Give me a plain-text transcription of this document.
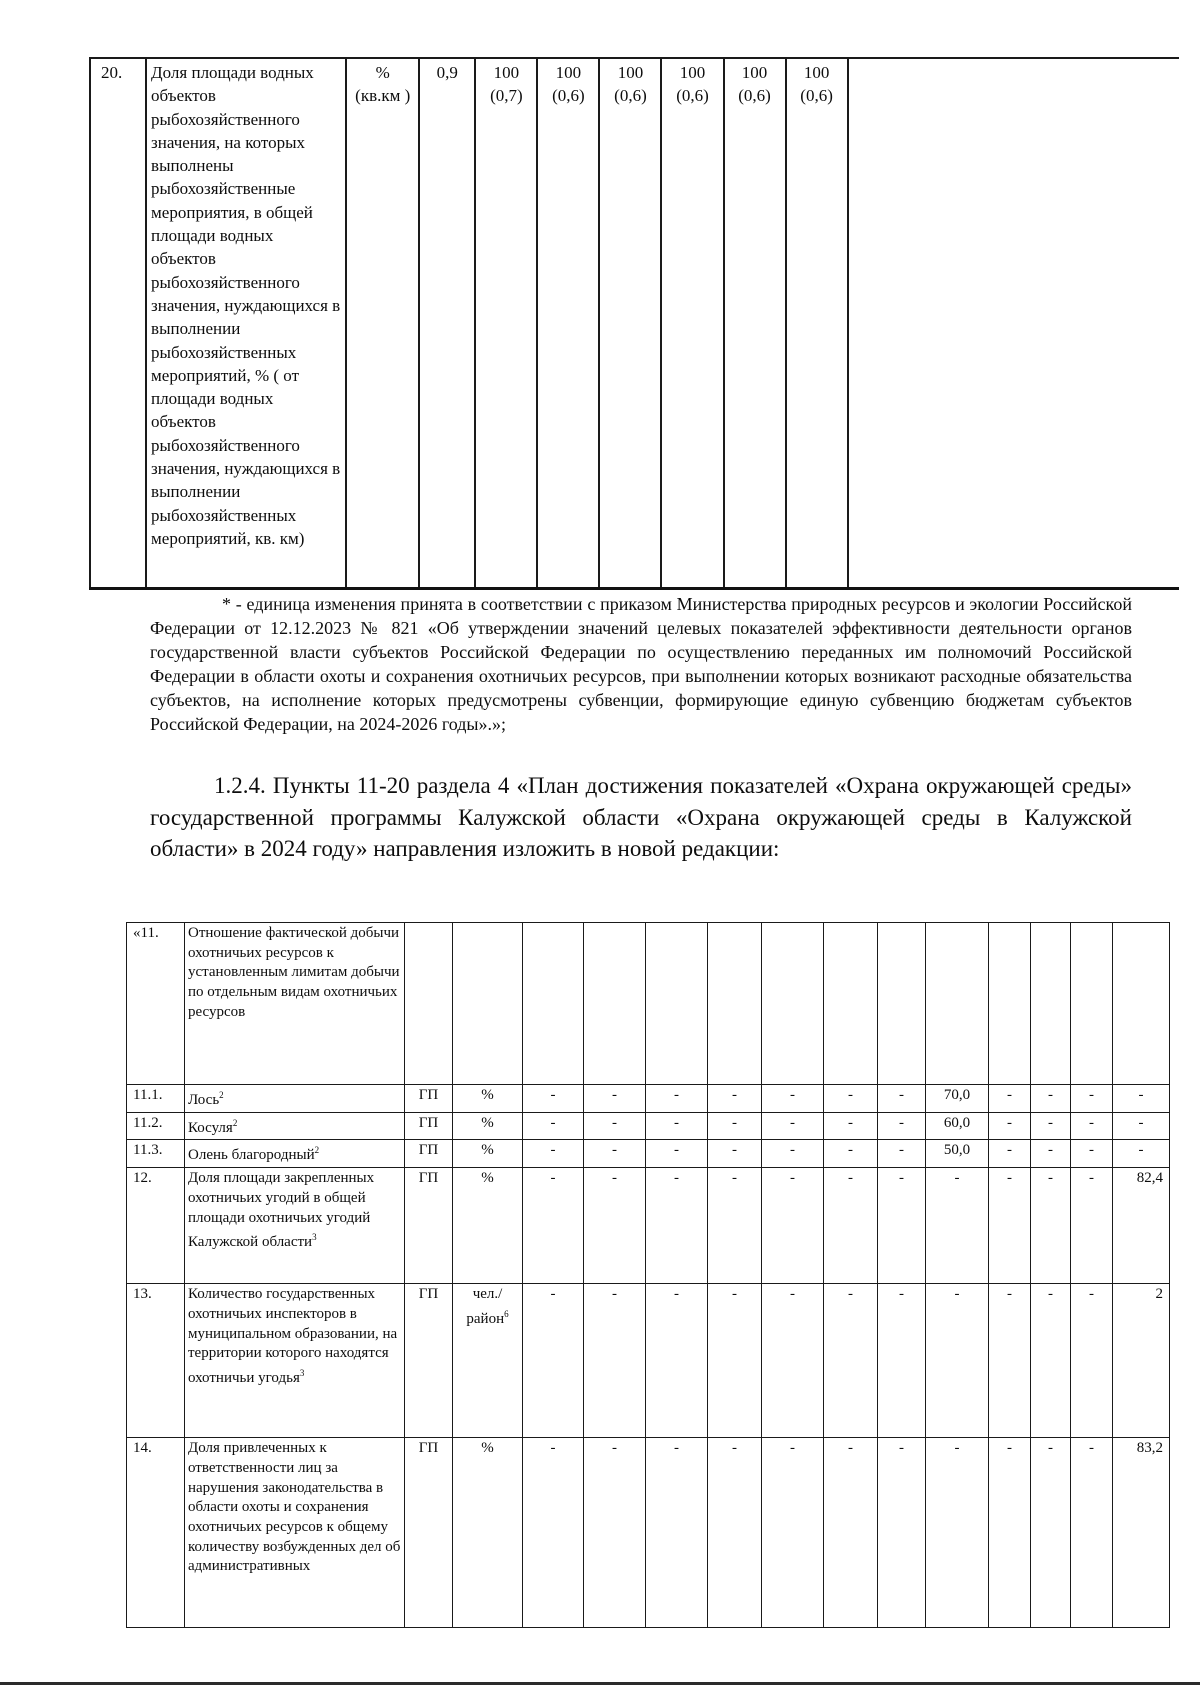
20.	Доля площади водных объектов рыбохозяйственного значения, на которых выполнены рыбохозяйственные мероприятия, в общей площади водных объектов рыбохозяйственного значения, нуждающихся в выполнении рыбохозяйственных мероприятий, % ( от площади водных объектов рыбохозяйственного значения, нуждающихся в выполнении рыбохозяйственных мероприятий, кв. км)	% (кв.км )	0,9	100 (0,7)	100 (0,6)	100 (0,6)	100 (0,6)	100 (0,6)	100 (0,6)	

* - единица изменения принята в соответствии с приказом Министерства природных ресурсов и экологии Российской Федерации от 12.12.2023 № 821 «Об утверждении значений целевых показателей эффективности деятельности органов государственной власти субъектов Российской Федерации по осуществлению переданных им полномочий Российской Федерации в области охоты и сохранения охотничьих ресурсов, при выполнении которых возникают расходные обязательства субъектов, на исполнение которых предусмотрены субвенции, формирующие единую субвенцию бюджетам субъектов Российской Федерации, на 2024-2026 годы».»;

1.2.4. Пункты 11-20 раздела 4 «План достижения показателей «Охрана окружающей среды» государственной программы Калужской области «Охрана окружающей среды в Калужской области» в 2024 году» направления изложить в новой редакции:

«11.	Отношение фактической добычи охотничьих ресурсов к установленным лимитам добычи по отдельным видам охотничьих ресурсов														
11.1.	Лось$^2$	ГП	%	-	-	-	-	-	-	-	70,0	-	-	-	-
11.2.	Косуля$^2$	ГП	%	-	-	-	-	-	-	-	60,0	-	-	-	-
11.3.	Олень благородный$^2$	ГП	%	-	-	-	-	-	-	-	50,0	-	-	-	-
12.	Доля площади закрепленных охотничьих угодий в общей площади охотничьих угодий Калужской области$^3$	ГП	%	-	-	-	-	-	-	-	-	-	-	-	82,4
13.	Количество государственных охотничьих инспекторов в муниципальном образовании, на территории которого находятся охотничьи угодья$^3$	ГП	чел./ район$^6$	-	-	-	-	-	-	-	-	-	-	-	2
14.	Доля привлеченных к ответственности лиц за нарушения законодательства в области охоты и сохранения охотничьих ресурсов к общему количеству возбужденных дел об административных	ГП	%	-	-	-	-	-	-	-	-	-	-	-	83,2
